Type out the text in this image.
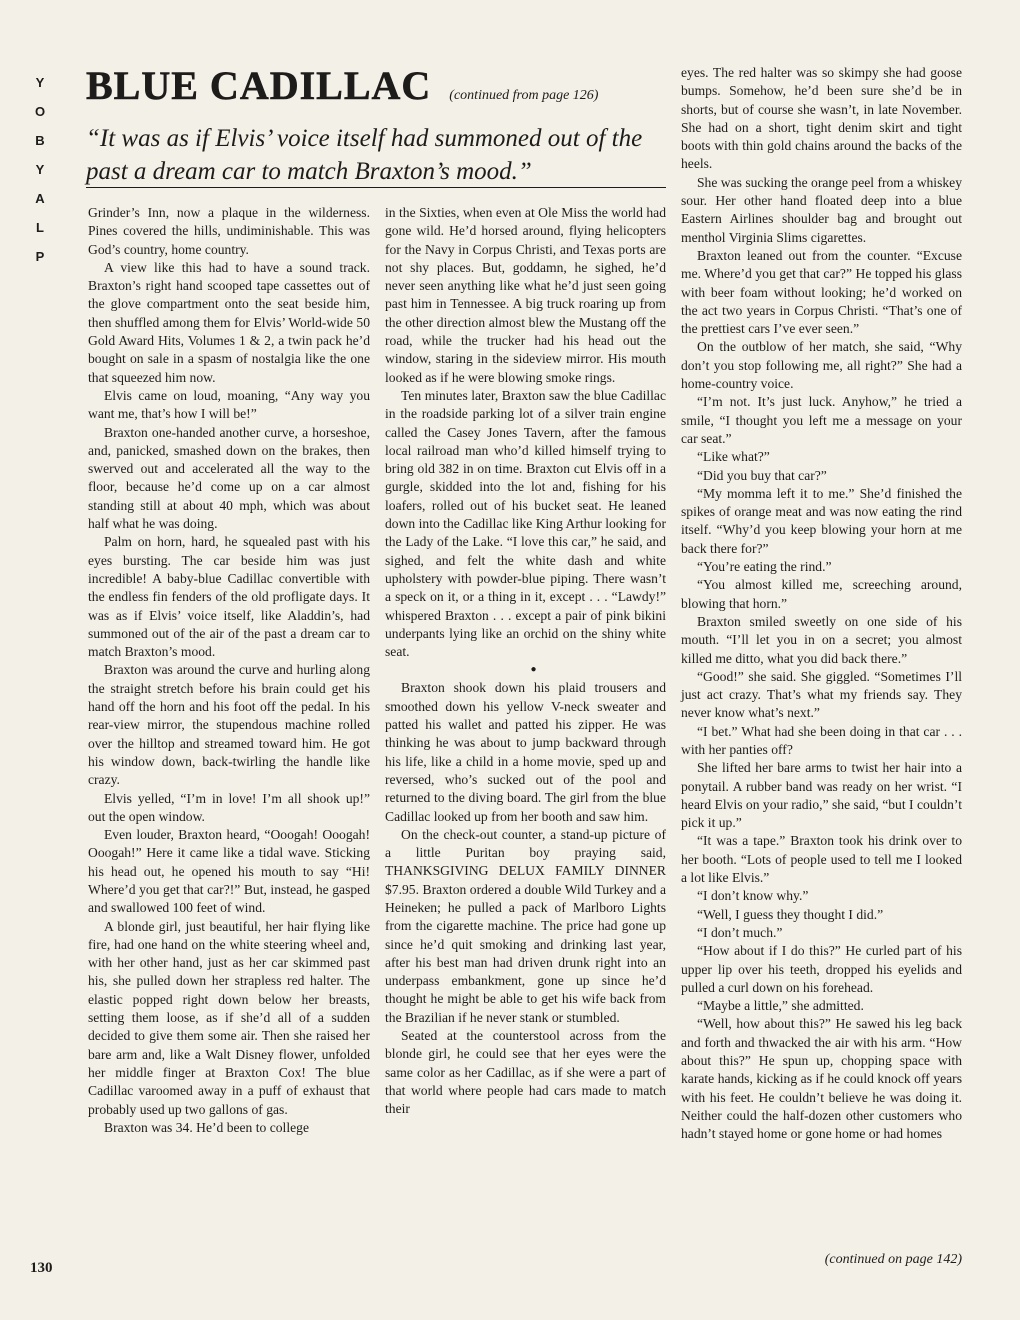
Y
O
B
Y
A
L
P
BLUE CADILLAC (continued from page 126)
“It was as if Elvis’ voice itself had summoned out of the past a dream car to match Braxton’s mood.”

Grinder’s Inn, now a plaque in the wilderness. Pines covered the hills, undiminishable. This was God’s country, home country.

A view like this had to have a sound track. Braxton’s right hand scooped tape cassettes out of the glove compartment onto the seat beside him, then shuffled among them for Elvis’ World-wide 50 Gold Award Hits, Volumes 1 & 2, a twin pack he’d bought on sale in a spasm of nostalgia like the one that squeezed him now.

Elvis came on loud, moaning, “Any way you want me, that’s how I will be!”

Braxton one-handed another curve, a horseshoe, and, panicked, smashed down on the brakes, then swerved out and accelerated all the way to the floor, because he’d come up on a car almost standing still at about 40 mph, which was about half what he was doing.

Palm on horn, hard, he squealed past with his eyes bursting. The car beside him was just incredible! A baby-blue Cadillac convertible with the endless fin fenders of the old profligate days. It was as if Elvis’ voice itself, like Aladdin’s, had summoned out of the air of the past a dream car to match Braxton’s mood.

Braxton was around the curve and hurling along the straight stretch before his brain could get his hand off the horn and his foot off the pedal. In his rear-view mirror, the stupendous machine rolled over the hilltop and streamed toward him. He got his window down, back-twirling the handle like crazy.

Elvis yelled, “I’m in love! I’m all shook up!” out the open window.

Even louder, Braxton heard, “Ooogah! Ooogah! Ooogah!” Here it came like a tidal wave. Sticking his head out, he opened his mouth to say “Hi! Where’d you get that car?!” But, instead, he gasped and swallowed 100 feet of wind.

A blonde girl, just beautiful, her hair flying like fire, had one hand on the white steering wheel and, with her other hand, just as her car skimmed past his, she pulled down her strapless red halter. The elastic popped right down below her breasts, setting them loose, as if she’d all of a sudden decided to give them some air. Then she raised her bare arm and, like a Walt Disney flower, unfolded her middle finger at Braxton Cox! The blue Cadillac varoomed away in a puff of exhaust that probably used up two gallons of gas.

Braxton was 34. He’d been to college

in the Sixties, when even at Ole Miss the world had gone wild. He’d horsed around, flying helicopters for the Navy in Corpus Christi, and Texas ports are not shy places. But, goddamn, he sighed, he’d never seen anything like what he’d just seen going past him in Tennessee. A big truck roaring up from the other direction almost blew the Mustang off the road, while the trucker had his head out the window, staring in the sideview mirror. His mouth looked as if he were blowing smoke rings.

Ten minutes later, Braxton saw the blue Cadillac in the roadside parking lot of a silver train engine called the Casey Jones Tavern, after the famous local railroad man who’d killed himself trying to bring old 382 in on time. Braxton cut Elvis off in a gurgle, skidded into the lot and, fishing for his loafers, rolled out of his bucket seat. He leaned down into the Cadillac like King Arthur looking for the Lady of the Lake. “I love this car,” he said, and sighed, and felt the white dash and white upholstery with powder-blue piping. There wasn’t a speck on it, or a thing in it, except . . . “Lawdy!” whispered Braxton . . . except a pair of pink bikini underpants lying like an orchid on the shiny white seat.

●

Braxton shook down his plaid trousers and smoothed down his yellow V-neck sweater and patted his wallet and patted his zipper. He was thinking he was about to jump backward through his life, like a child in a home movie, sped up and reversed, who’s sucked out of the pool and returned to the diving board. The girl from the blue Cadillac looked up from her booth and saw him.

On the check-out counter, a stand-up picture of a little Puritan boy praying said, THANKSGIVING DELUX FAMILY DINNER $7.95. Braxton ordered a double Wild Turkey and a Heineken; he pulled a pack of Marlboro Lights from the cigarette machine. The price had gone up since he’d quit smoking and drinking last year, after his best man had driven drunk right into an underpass embankment, gone up since he’d thought he might be able to get his wife back from the Brazilian if he never stank or stumbled.

Seated at the counterstool across from the blonde girl, he could see that her eyes were the same color as her Cadillac, as if she were a part of that world where people had cars made to match their

eyes. The red halter was so skimpy she had goose bumps. Somehow, he’d been sure she’d be in shorts, but of course she wasn’t, in late November. She had on a short, tight denim skirt and tight boots with thin gold chains around the backs of the heels.

She was sucking the orange peel from a whiskey sour. Her other hand floated deep into a blue Eastern Airlines shoulder bag and brought out menthol Virginia Slims cigarettes.

Braxton leaned out from the counter. “Excuse me. Where’d you get that car?” He topped his glass with beer foam without looking; he’d worked on the act two years in Corpus Christi. “That’s one of the prettiest cars I’ve ever seen.”

On the outblow of her match, she said, “Why don’t you stop following me, all right?” She had a home-country voice.

“I’m not. It’s just luck. Anyhow,” he tried a smile, “I thought you left me a message on your car seat.”

“Like what?”

“Did you buy that car?”

“My momma left it to me.” She’d finished the spikes of orange meat and was now eating the rind itself. “Why’d you keep blowing your horn at me back there for?”

“You’re eating the rind.”

“You almost killed me, screeching around, blowing that horn.”

Braxton smiled sweetly on one side of his mouth. “I’ll let you in on a secret; you almost killed me ditto, what you did back there.”

“Good!” she said. She giggled. “Sometimes I’ll just act crazy. That’s what my friends say. They never know what’s next.”

“I bet.” What had she been doing in that car . . . with her panties off?

She lifted her bare arms to twist her hair into a ponytail. A rubber band was ready on her wrist. “I heard Elvis on your radio,” she said, “but I couldn’t pick it up.”

“It was a tape.” Braxton took his drink over to her booth. “Lots of people used to tell me I looked a lot like Elvis.”

“I don’t know why.”

“Well, I guess they thought I did.”

“I don’t much.”

“How about if I do this?” He curled part of his upper lip over his teeth, dropped his eyelids and pulled a curl down on his forehead.

“Maybe a little,” she admitted.

“Well, how about this?” He sawed his leg back and forth and thwacked the air with his arm. “How about this?” He spun up, chopping space with karate hands, kicking as if he could knock off years with his feet. He couldn’t believe he was doing it. Neither could the half-dozen other customers who hadn’t stayed home or gone home or had homes

(continued on page 142)
130
